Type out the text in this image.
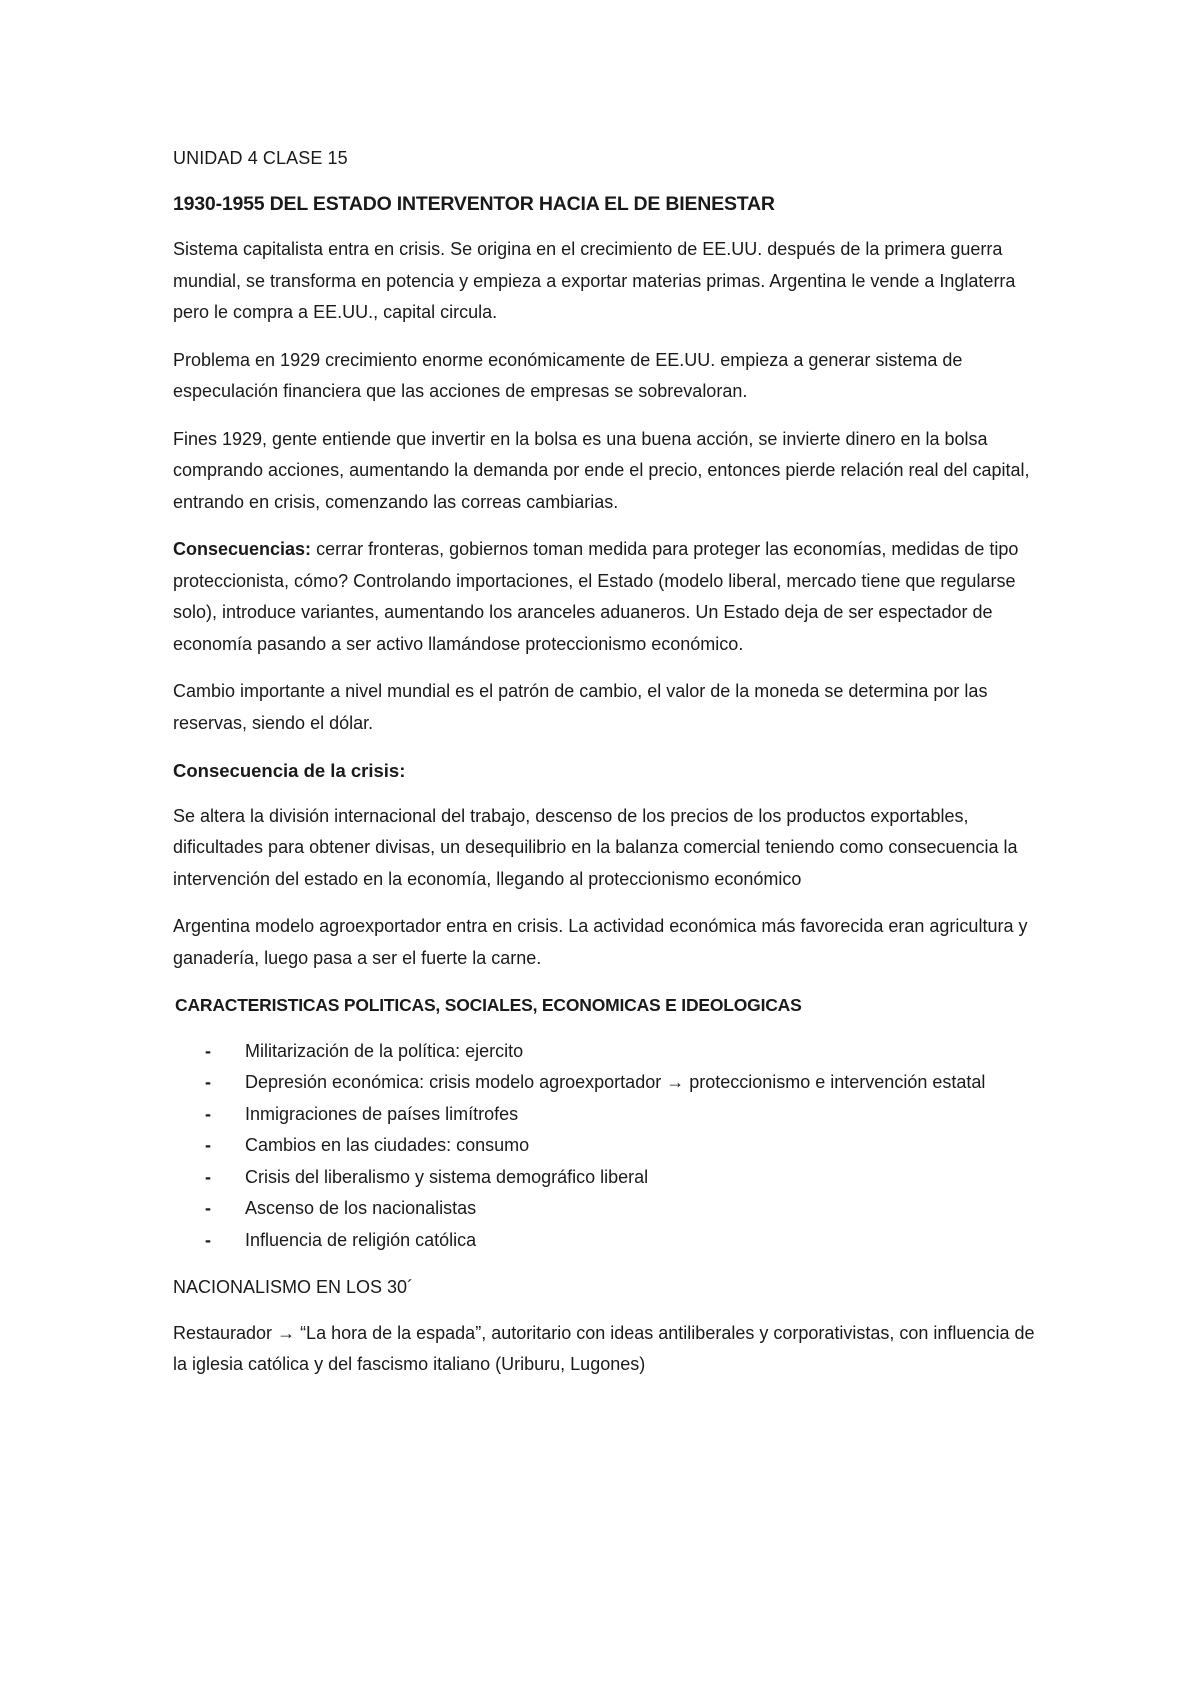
UNIDAD 4 CLASE 15
1930-1955 DEL ESTADO INTERVENTOR HACIA EL DE BIENESTAR

Sistema capitalista entra en crisis. Se origina en el crecimiento de EE.UU. después de la primera guerra mundial, se transforma en potencia y empieza a exportar materias primas. Argentina le vende a Inglaterra pero le compra a EE.UU., capital circula.

Problema en 1929 crecimiento enorme económicamente de EE.UU. empieza a generar sistema de especulación financiera que las acciones de empresas se sobrevaloran.

Fines 1929, gente entiende que invertir en la bolsa es una buena acción, se invierte dinero en la bolsa comprando acciones, aumentando la demanda por ende el precio, entonces pierde relación real del capital, entrando en crisis, comenzando las correas cambiarias.

Consecuencias: cerrar fronteras, gobiernos toman medida para proteger las economías, medidas de tipo proteccionista, cómo? Controlando importaciones, el Estado (modelo liberal, mercado tiene que regularse solo), introduce variantes, aumentando los aranceles aduaneros. Un Estado deja de ser espectador de economía pasando a ser activo llamándose proteccionismo económico.

Cambio importante a nivel mundial es el patrón de cambio, el valor de la moneda se determina por las reservas, siendo el dólar.

Consecuencia de la crisis:

Se altera la división internacional del trabajo, descenso de los precios de los productos exportables, dificultades para obtener divisas, un desequilibrio en la balanza comercial teniendo como consecuencia la intervención del estado en la economía, llegando al proteccionismo económico

Argentina modelo agroexportador entra en crisis. La actividad económica más favorecida eran agricultura y ganadería, luego pasa a ser el fuerte la carne.

CARACTERISTICAS POLITICAS, SOCIALES, ECONOMICAS E IDEOLOGICAS
- Militarización de la política: ejercito
- Depresión económica: crisis modelo agroexportador → proteccionismo e intervención estatal
- Inmigraciones de países limítrofes
- Cambios en las ciudades: consumo
- Crisis del liberalismo y sistema demográfico liberal
- Ascenso de los nacionalistas
- Influencia de religión católica
NACIONALISMO EN LOS 30´

Restaurador → “La hora de la espada”, autoritario con ideas antiliberales y corporativistas, con influencia de la iglesia católica y del fascismo italiano (Uriburu, Lugones)
